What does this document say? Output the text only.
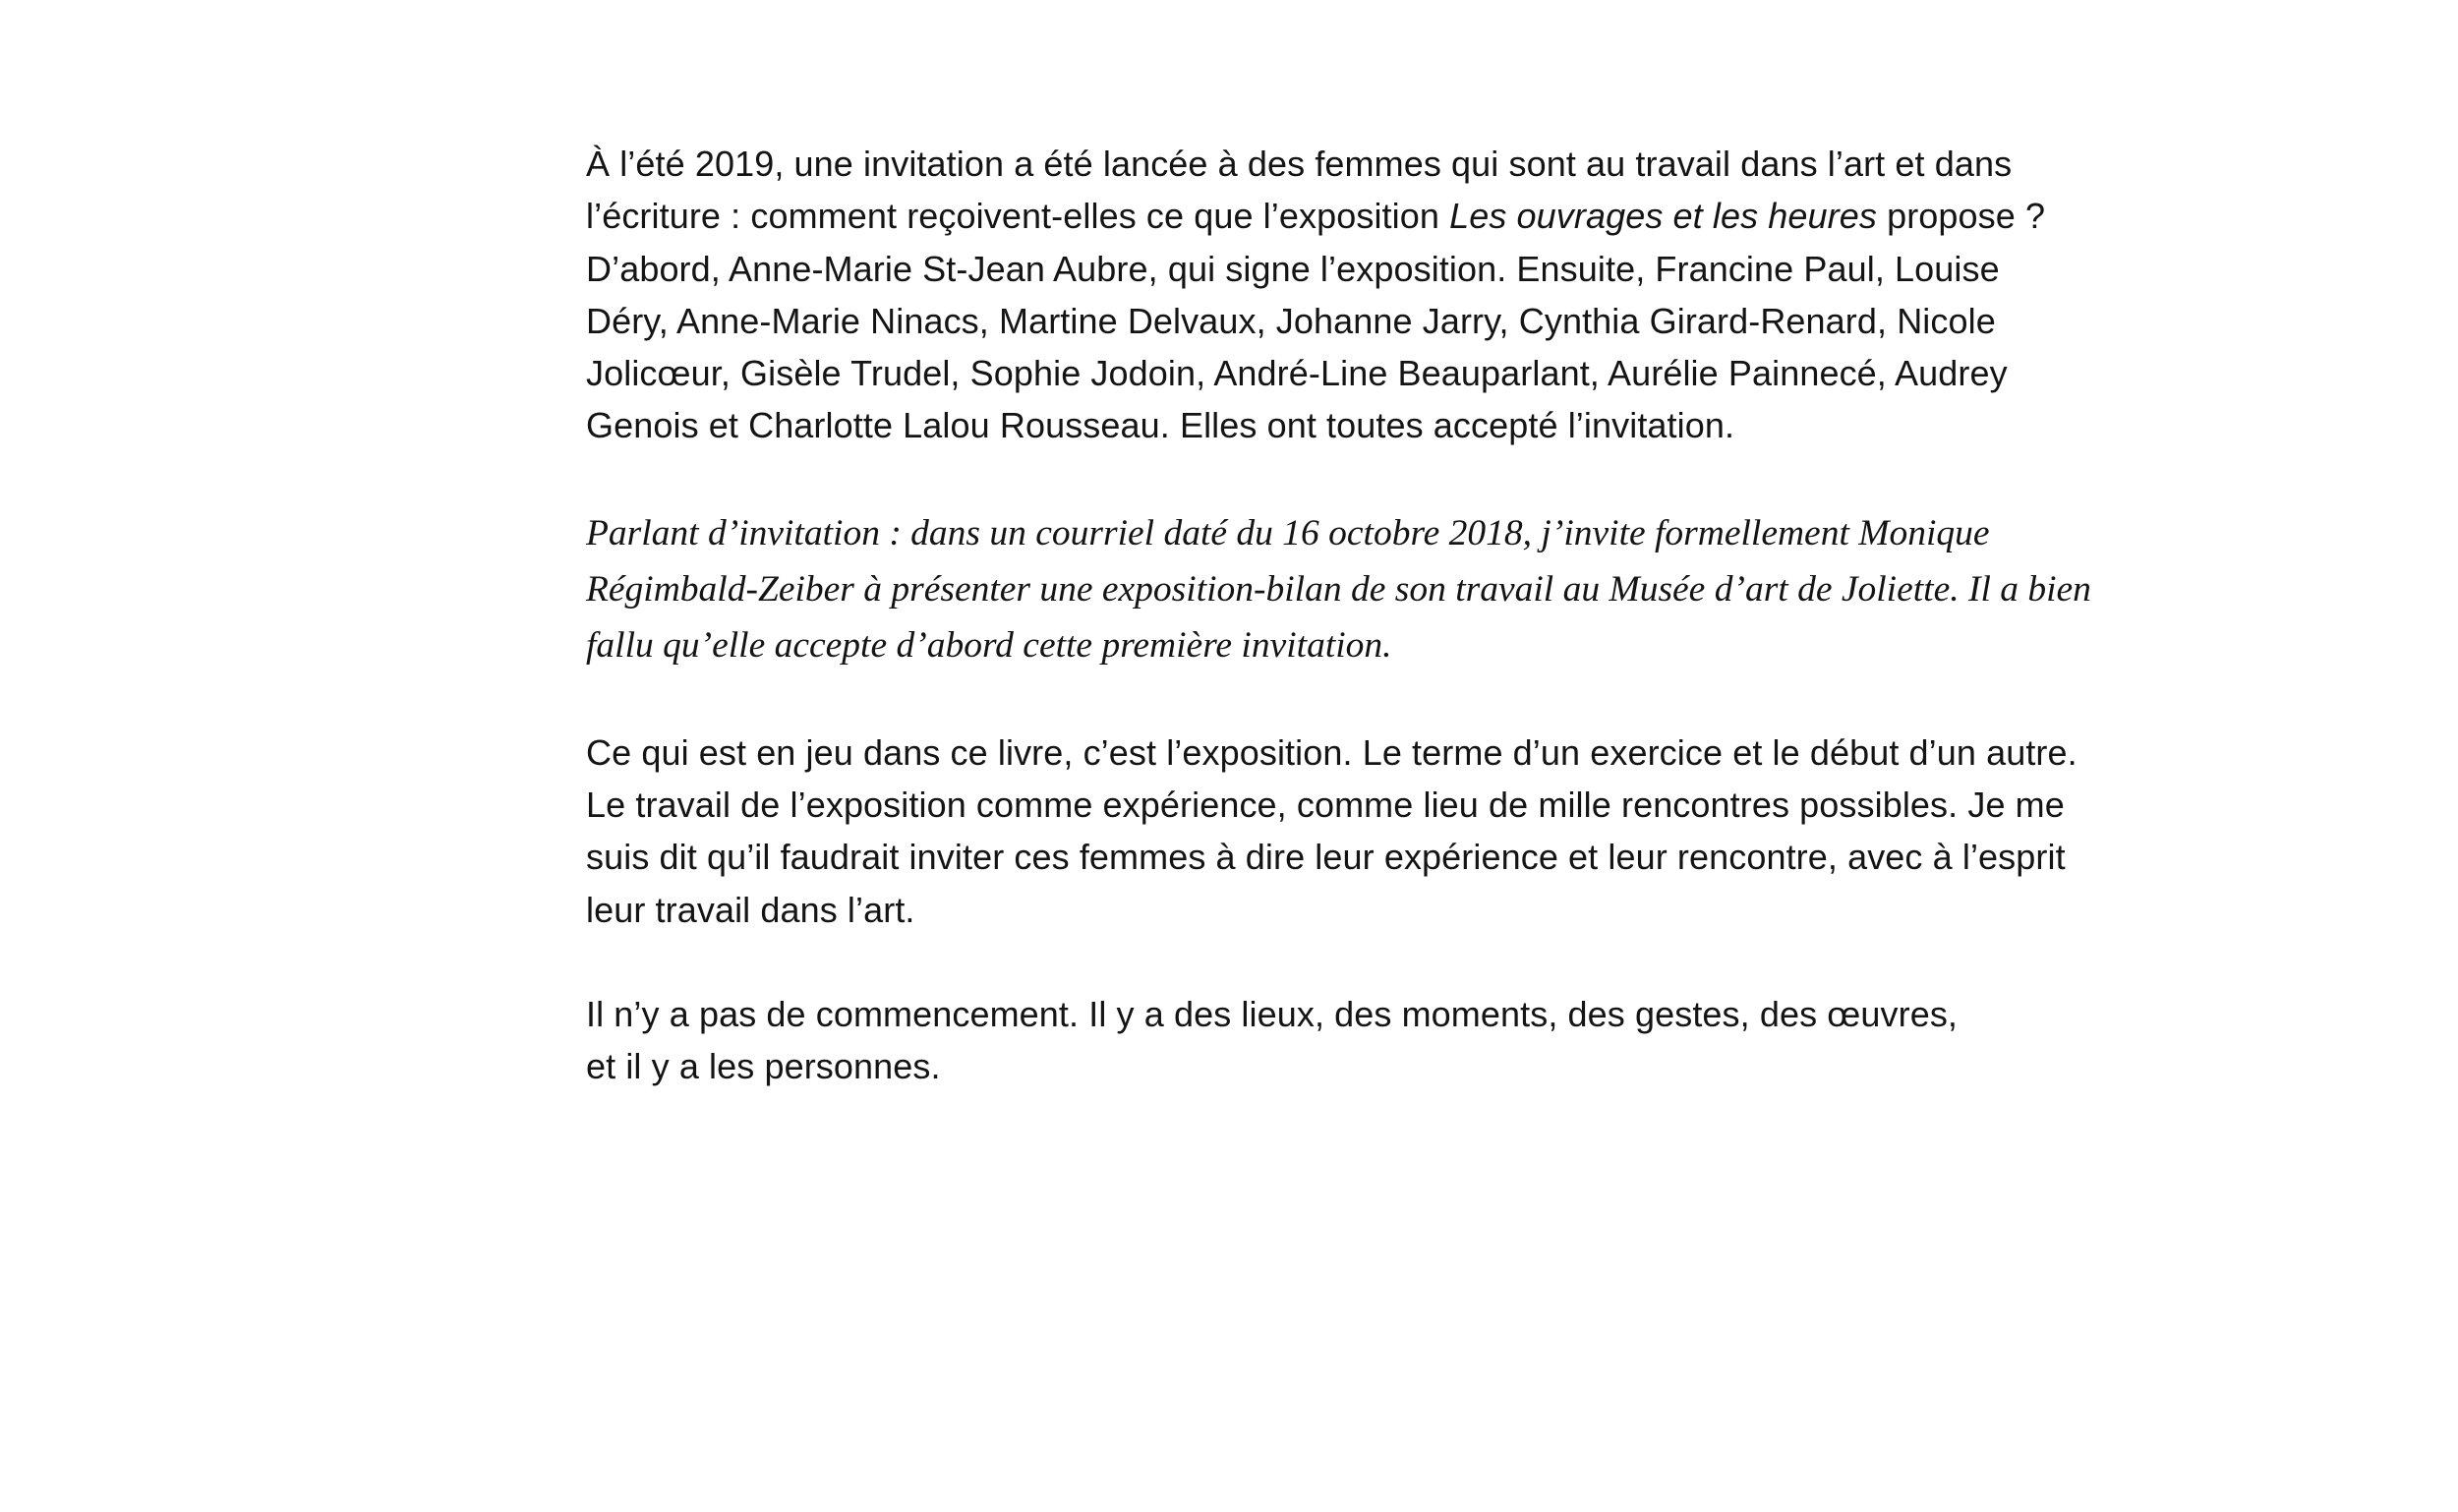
À l’été 2019, une invitation a été lancée à des femmes qui sont au travail dans l’art et dans
l’écriture : comment reçoivent-elles ce que l’exposition Les ouvrages et les heures propose ?
D’abord, Anne-Marie St-Jean Aubre, qui signe l’exposition. Ensuite, Francine Paul, Louise
Déry, Anne-Marie Ninacs, Martine Delvaux, Johanne Jarry, Cynthia Girard-Renard, Nicole
Jolicœur, Gisèle Trudel, Sophie Jodoin, André-Line Beauparlant, Aurélie Painnecé, Audrey
Genois et Charlotte Lalou Rousseau. Elles ont toutes accepté l’invitation.

Parlant d’invitation : dans un courriel daté du 16 octobre 2018, j’invite formellement Monique
Régimbald-Zeiber à présenter une exposition-bilan de son travail au Musée d’art de Joliette. Il a bien
fallu qu’elle accepte d’abord cette première invitation.

Ce qui est en jeu dans ce livre, c’est l’exposition. Le terme d’un exercice et le début d’un autre.
Le travail de l’exposition comme expérience, comme lieu de mille rencontres possibles. Je me
suis dit qu’il faudrait inviter ces femmes à dire leur expérience et leur rencontre, avec à l’esprit
leur travail dans l’art.

Il n’y a pas de commencement. Il y a des lieux, des moments, des gestes, des œuvres,
et il y a les personnes.
